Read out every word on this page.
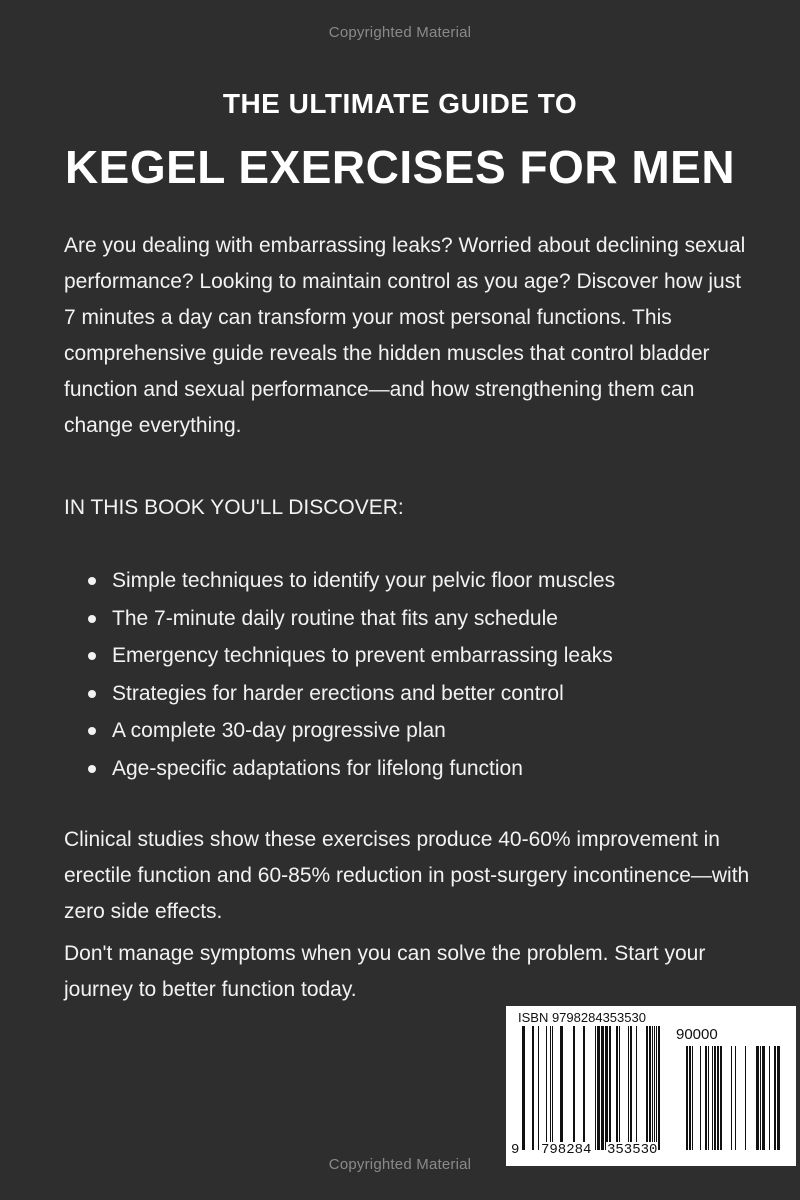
Copyrighted Material
THE ULTIMATE GUIDE TO
KEGEL EXERCISES FOR MEN
Are you dealing with embarrassing leaks? Worried about declining sexual performance? Looking to maintain control as you age? Discover how just 7 minutes a day can transform your most personal functions. This comprehensive guide reveals the hidden muscles that control bladder function and sexual performance—and how strengthening them can change everything.
IN THIS BOOK YOU'LL DISCOVER:
Simple techniques to identify your pelvic floor muscles
The 7-minute daily routine that fits any schedule
Emergency techniques to prevent embarrassing leaks
Strategies for harder erections and better control
A complete 30-day progressive plan
Age-specific adaptations for lifelong function
Clinical studies show these exercises produce 40-60% improvement in erectile function and 60-85% reduction in post-surgery incontinence—with zero side effects.
Don't manage symptoms when you can solve the problem. Start your journey to better function today.
ISBN 9798284353530
90000
9 798284 353530
Copyrighted Material
